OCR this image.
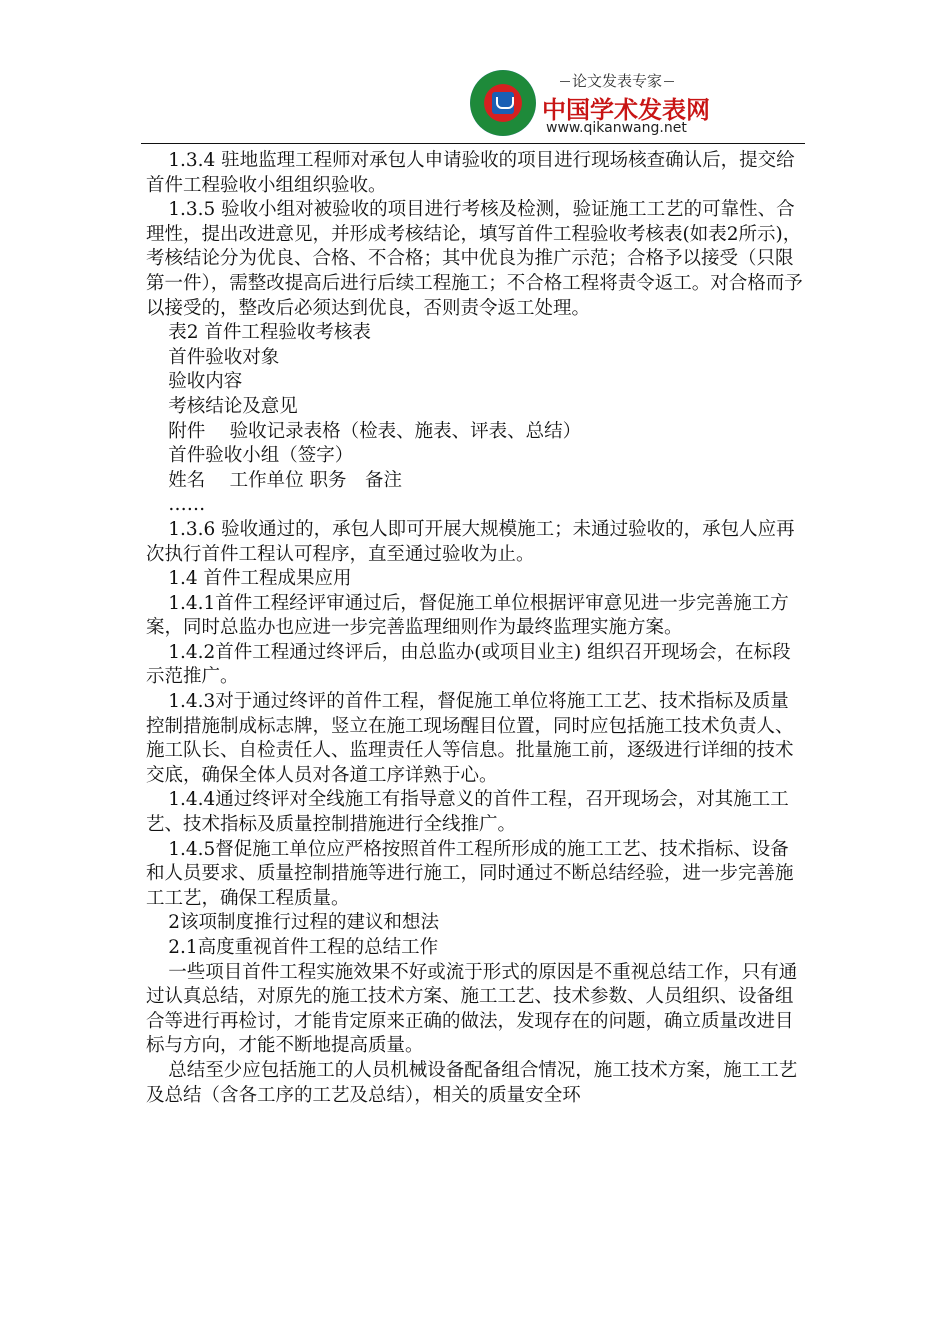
论文发表专家
中国学术发表网
www.qikanwang.net

1.3.4 驻地监理工程师对承包人申请验收的项目进行现场核查确认后，提交给首件工程验收小组组织验收。

1.3.5 验收小组对被验收的项目进行考核及检测，验证施工工艺的可靠性、合理性，提出改进意见，并形成考核结论，填写首件工程验收考核表(如表2所示)，考核结论分为优良、合格、不合格；其中优良为推广示范；合格予以接受（只限第一件），需整改提高后进行后续工程施工；不合格工程将责令返工。对合格而予以接受的，整改后必须达到优良，否则责令返工处理。

表2 首件工程验收考核表

首件验收对象

验收内容

考核结论及意见

附件　 验收记录表格（检表、施表、评表、总结）

首件验收小组（签字）

姓名　 工作单位 职务　备注

……

1.3.6 验收通过的，承包人即可开展大规模施工；未通过验收的，承包人应再次执行首件工程认可程序，直至通过验收为止。

1.4 首件工程成果应用

1.4.1首件工程经评审通过后，督促施工单位根据评审意见进一步完善施工方案，同时总监办也应进一步完善监理细则作为最终监理实施方案。

1.4.2首件工程通过终评后，由总监办(或项目业主) 组织召开现场会，在标段示范推广。

1.4.3对于通过终评的首件工程，督促施工单位将施工工艺、技术指标及质量控制措施制成标志牌，竖立在施工现场醒目位置，同时应包括施工技术负责人、施工队长、自检责任人、监理责任人等信息。批量施工前，逐级进行详细的技术交底，确保全体人员对各道工序详熟于心。

1.4.4通过终评对全线施工有指导意义的首件工程，召开现场会，对其施工工艺、技术指标及质量控制措施进行全线推广。

1.4.5督促施工单位应严格按照首件工程所形成的施工工艺、技术指标、设备和人员要求、质量控制措施等进行施工，同时通过不断总结经验，进一步完善施工工艺，确保工程质量。

2该项制度推行过程的建议和想法

2.1高度重视首件工程的总结工作

一些项目首件工程实施效果不好或流于形式的原因是不重视总结工作，只有通过认真总结，对原先的施工技术方案、施工工艺、技术参数、人员组织、设备组合等进行再检讨，才能肯定原来正确的做法，发现存在的问题，确立质量改进目标与方向，才能不断地提高质量。

总结至少应包括施工的人员机械设备配备组合情况，施工技术方案，施工工艺及总结（含各工序的工艺及总结），相关的质量安全环
